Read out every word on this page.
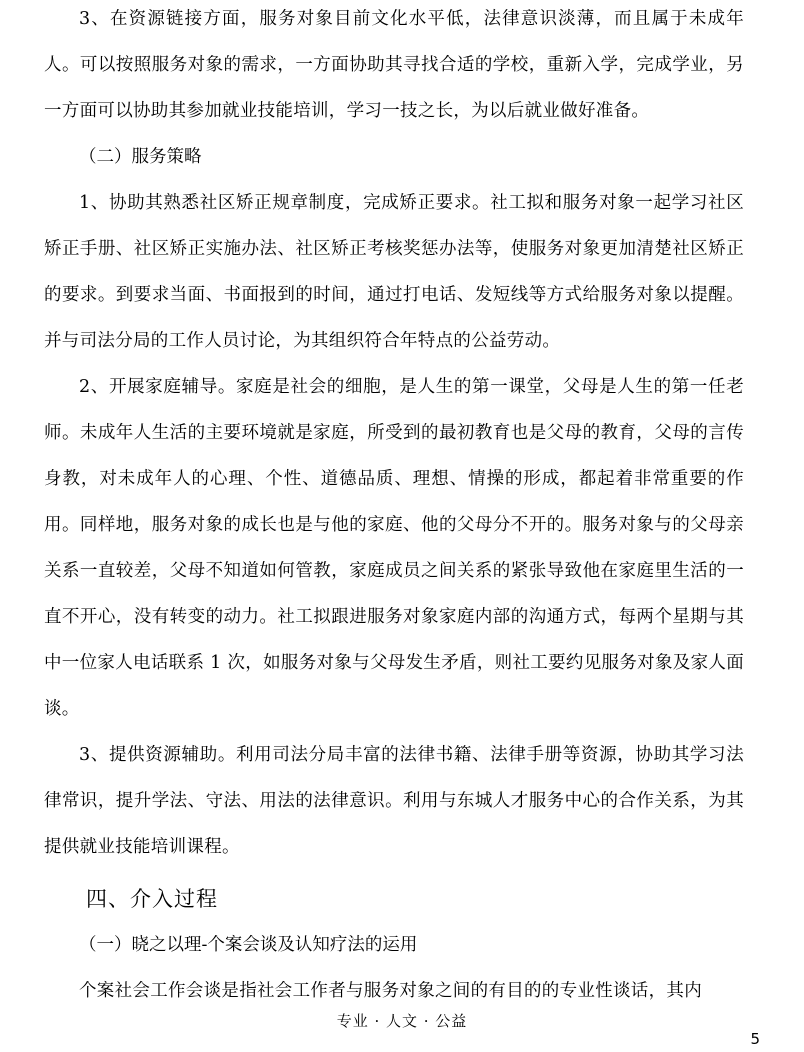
3、在资源链接方面，服务对象目前文化水平低，法律意识淡薄，而且属于未成年人。可以按照服务对象的需求，一方面协助其寻找合适的学校，重新入学，完成学业，另一方面可以协助其参加就业技能培训，学习一技之长，为以后就业做好准备。

（二）服务策略

1、协助其熟悉社区矫正规章制度，完成矫正要求。社工拟和服务对象一起学习社区矫正手册、社区矫正实施办法、社区矫正考核奖惩办法等，使服务对象更加清楚社区矫正的要求。到要求当面、书面报到的时间，通过打电话、发短线等方式给服务对象以提醒。并与司法分局的工作人员讨论，为其组织符合年特点的公益劳动。

2、开展家庭辅导。家庭是社会的细胞，是人生的第一课堂，父母是人生的第一任老师。未成年人生活的主要环境就是家庭，所受到的最初教育也是父母的教育，父母的言传身教，对未成年人的心理、个性、道德品质、理想、情操的形成，都起着非常重要的作用。同样地，服务对象的成长也是与他的家庭、他的父母分不开的。服务对象与的父母亲关系一直较差，父母不知道如何管教，家庭成员之间关系的紧张导致他在家庭里生活的一直不开心，没有转变的动力。社工拟跟进服务对象家庭内部的沟通方式，每两个星期与其中一位家人电话联系 1 次，如服务对象与父母发生矛盾，则社工要约见服务对象及家人面谈。

3、提供资源辅助。利用司法分局丰富的法律书籍、法律手册等资源，协助其学习法律常识，提升学法、守法、用法的法律意识。利用与东城人才服务中心的合作关系，为其提供就业技能培训课程。

四、介入过程

（一）晓之以理-个案会谈及认知疗法的运用

个案社会工作会谈是指社会工作者与服务对象之间的有目的的专业性谈话，其内

专业 · 人文 · 公益
5
